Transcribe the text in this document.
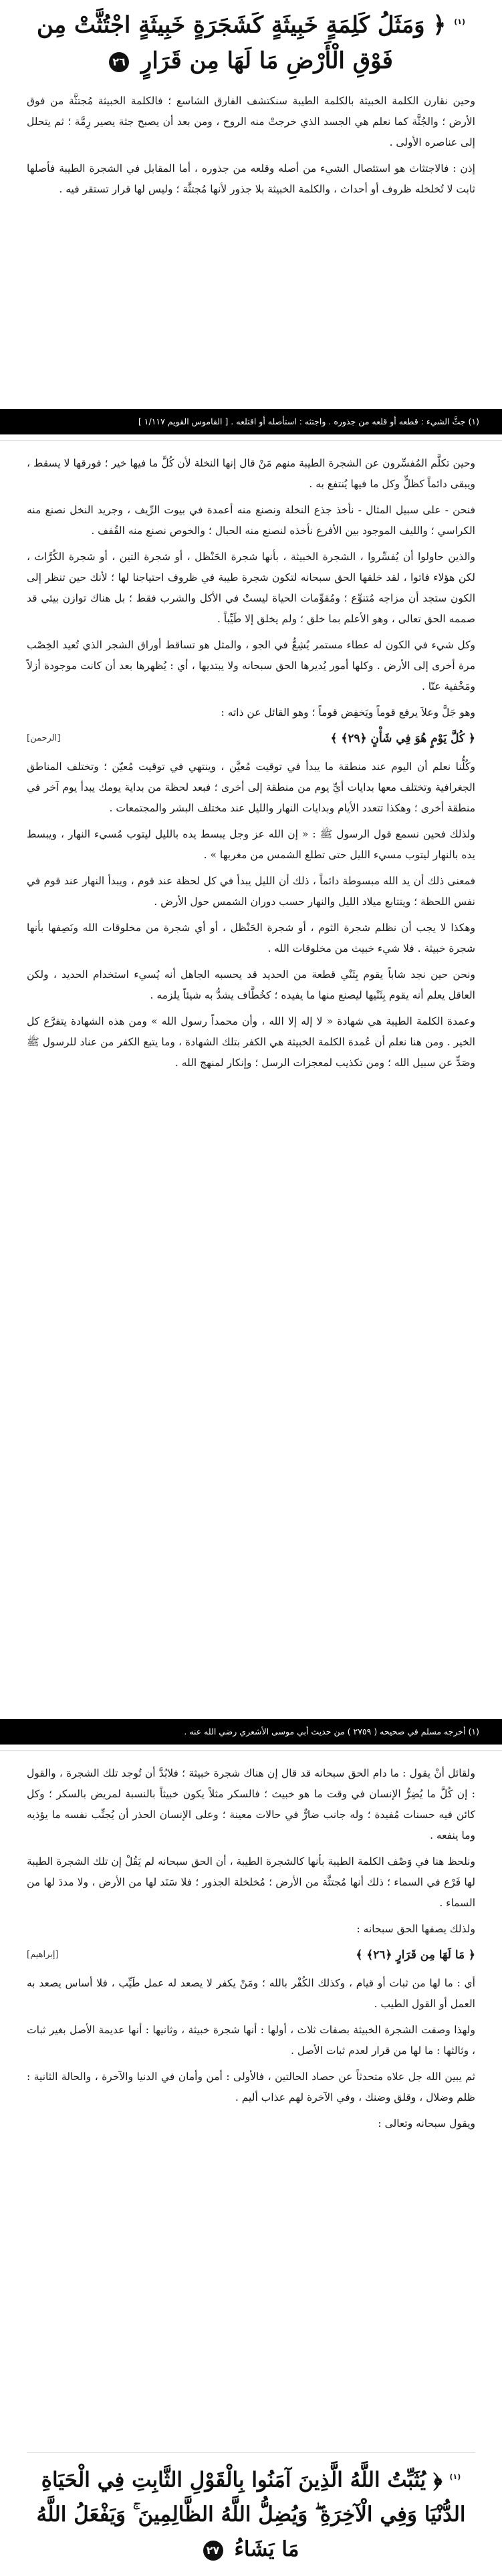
$^{(١)}$ ﴿ وَمَثَلُ كَلِمَةٍ خَبِيثَةٍ كَشَجَرَةٍ خَبِيثَةٍ اجْتُثَّتْ مِن فَوْقِ الْأَرْضِ مَا لَهَا مِن قَرَارٍ ٢٦

وحين نقارن الكلمة الخبيثة بالكلمة الطيبة سنكتشف الفارق الشاسع ؛ فالكلمة الخبيثة مُجتثَّة من فوق الأرض ؛ والجُثَّة كما نعلم هي الجسد الذي خرجتْ منه الروح ، ومن بعد أن يصبح جثة يصير رِمَّة ؛ ثم يتحلل إلى عناصره الأولى .

إذن : فالاجتثاث هو استئصال الشيء من أصله وقلعه من جذوره ، أما المقابل في الشجرة الطيبة فأصلها ثابت لا تُخلخله ظروف أو أحداث ، والكلمة الخبيثة بلا جذور لأنها مُجتثَّة ؛ وليس لها قرار تستقر فيه .

(١) جثَّ الشيء : قطعه أو قلعه من جذوره . واجتثه : استأصله أو اقتلعه . [ القاموس القويم ١/١١٧ ]

وحين تكلَّم المُفسِّرون عن الشجرة الطيبة منهم مَنْ قال إنها النخلة لأن كُلَّ ما فيها خير ؛ فورقها لا يسقط ، ويبقى دائماً كظلٍّ وكل ما فيها يُنتفع به .

فنحن - على سبيل المثال - نأخذ جذع النخلة ونصنع منه أعمدة في بيوت الرِّيف ، وجريد النخل نصنع منه الكراسي ؛ والليف الموجود بين الأفرع نأخذه لنصنع منه الحبال ؛ والخوص نصنع منه القُفف .

والذين حاولوا أن يُفسِّروا ، الشجرة الخبيثة ، بأنها شجرة الحَنْظل ، أو شجرة التين ، أو شجرة الكُرَّاث ، لكن هؤلاء فاتوا ، لقد خلقها الحق سبحانه لتكون شجرة طيبة في ظروف احتياجنا لها ؛ لأنك حين تنظر إلى الكون ستجد أن مزاجه مُتنوِّع ؛ ومُقوِّمات الحياة ليستْ في الأكل والشرب فقط ؛ بل هناك توازن بيئي قد صممه الحق تعالى ، وهو الأعلم بما خلق ؛ ولم يخلق إلا طَيِّباً .

وكل شيء في الكون له عطاء مستمر يُشِعُّ في الجو ، والمثل هو تساقط أوراق الشجر الذي تُعيد الخِصْب مرة أخرى إلى الأرض . وكلها أمور يُديرها الحق سبحانه ولا يبتديها ، أي : يُظهرها بعد أن كانت موجودة أزلاً ومَخْفية عنّا .

وهو جَلَّ وعلاَ يرفع قوماً ويَخفِض قوماً ؛ وهو القائل عن ذاته :

﴿ كُلَّ يَوْمٍ هُوَ فِي شَأْنٍ ﴿٢٩﴾ ﴾
[الرحمن]

وكُلُّنا نعلم أن اليوم عند منطقة ما يبدأ في توقيت مُعيَّن ، وينتهي في توقيت مُعيّن ؛ وتختلف المناطق الجغرافية وتختلف معها بدايات أيِّ يوم من منطقة إلى أخرى ؛ فبعد لحظة من بداية يومك يبدأ يوم آخر في منطقة أخرى ؛ وهكذا تتعدد الأيام وبدايات النهار والليل عند مختلف البشر والمجتمعات .

ولذلك فحين نسمع قول الرسول ﷺ : « إن الله عز وجل يبسط يده بالليل ليتوب مُسيء النهار ، ويبسط يده بالنهار ليتوب مسيء الليل حتى تطلع الشمس من مغربها » .

فمعنى ذلك أن يد الله مبسوطة دائماً ، ذلك أن الليل يبدأ في كل لحظة عند قوم ، ويبدأ النهار عند قوم في نفس اللحظة ؛ ويتتابع ميلاد الليل والنهار حسب دوران الشمس حول الأرض .

وهكذا لا يجب أن نظلم شجرة الثوم ، أو شجرة الحَنْظل ، أو أي شجرة من مخلوقات الله ونَصِفها بأنها شجرة خبيثة . فلا شيء خبيث من مخلوقات الله .

ونحن حين نجد شاباً يقوم بِثَنْي قطعة من الحديد قد يحسبه الجاهل أنه يُسيء استخدام الحديد ، ولكن العاقل يعلم أنه يقوم بِثَنْيها ليصنع منها ما يفيده ؛ كخُطَّاف يشدُّ به شيئاً يلزمه .

وعمدة الكلمة الطيبة هي شهادة « لا إله إلا الله ، وأن محمداً رسول الله » ومن هذه الشهادة يتفرَّع كل الخير . ومن هنا نعلم أن عُمدة الكلمة الخبيثة هي الكفر بتلك الشهادة ، وما يتبع الكفر من عناد للرسول ﷺ وصَدٍّ عن سبيل الله ؛ ومن تكذيب لمعجزات الرسل ؛ وإنكار لمنهج الله .

(١) أخرجه مسلم في صحيحه ( ٢٧٥٩ ) من حديث أبي موسى الأشعري رضي الله عنه .

ولقائل أنْ يقول : ما دام الحق سبحانه قد قال إن هناك شجرة خبيثة ؛ فلابُدَّ أن تُوجد تلك الشجرة ، والقول : إن كُلَّ ما يُضِرُّ الإنسان في وقت ما هو خبيث ؛ فالسكر مثلاً يكون خبيثاً بالنسبة لمريض بالسكر ؛ وكل كائن فيه حسنات مُفيدة ؛ وله جانب ضارٌّ في حالات معينة ؛ وعلى الإنسان الحذر أن يُجنِّب نفسه ما يؤذيه وما ينفعه .

ونلحظ هنا في وَصْف الكلمة الطيبة بأنها كالشجرة الطيبة ، أن الحق سبحانه لم يَقُلْ إن تلك الشجرة الطيبة لها فَرْع في السماء ؛ ذلك أنها مُجتثَّة من الأرض ؛ مُخلخلة الجذور ؛ فلا سَنَد لها من الأرض ، ولا مددَ لها من السماء .

ولذلك يصفها الحق سبحانه :

﴿ مَا لَهَا مِن قَرَارٍ ﴿٢٦﴾ ﴾
[إبراهيم]

أي : ما لها من ثبات أو قيام ، وكذلك الكُفْر بالله ؛ ومَنْ يكفر لا يصعد له عمل طَيِّب ، فلا أساس يصعد به العمل أو القول الطيب .

ولهذا وصفت الشجرة الخبيثة بصفات ثلاث ، أولها : أنها شجرة خبيثة ، وثانيها : أنها عديمة الأصل بغير ثبات ، وثالثها : ما لها من قرار لعدم ثبات الأصل .

ثم يبين الله جل علاه متحدثاً عن حصاد الحالتين ، فالأولى : أمن وأمان في الدنيا والآخرة ، والحالة الثانية : ظلم وضلال ، وقلق وضنك ، وفي الآخرة لهم عذاب أليم .

ويقول سبحانه وتعالى :

$^{(١)}$ ﴿ يُثَبِّتُ اللَّهُ الَّذِينَ آمَنُوا بِالْقَوْلِ الثَّابِتِ فِي الْحَيَاةِ الدُّنْيَا وَفِي الْآخِرَةِ ۖ وَيُضِلُّ اللَّهُ الظَّالِمِينَ ۚ وَيَفْعَلُ اللَّهُ مَا يَشَاءُ ٢٧
